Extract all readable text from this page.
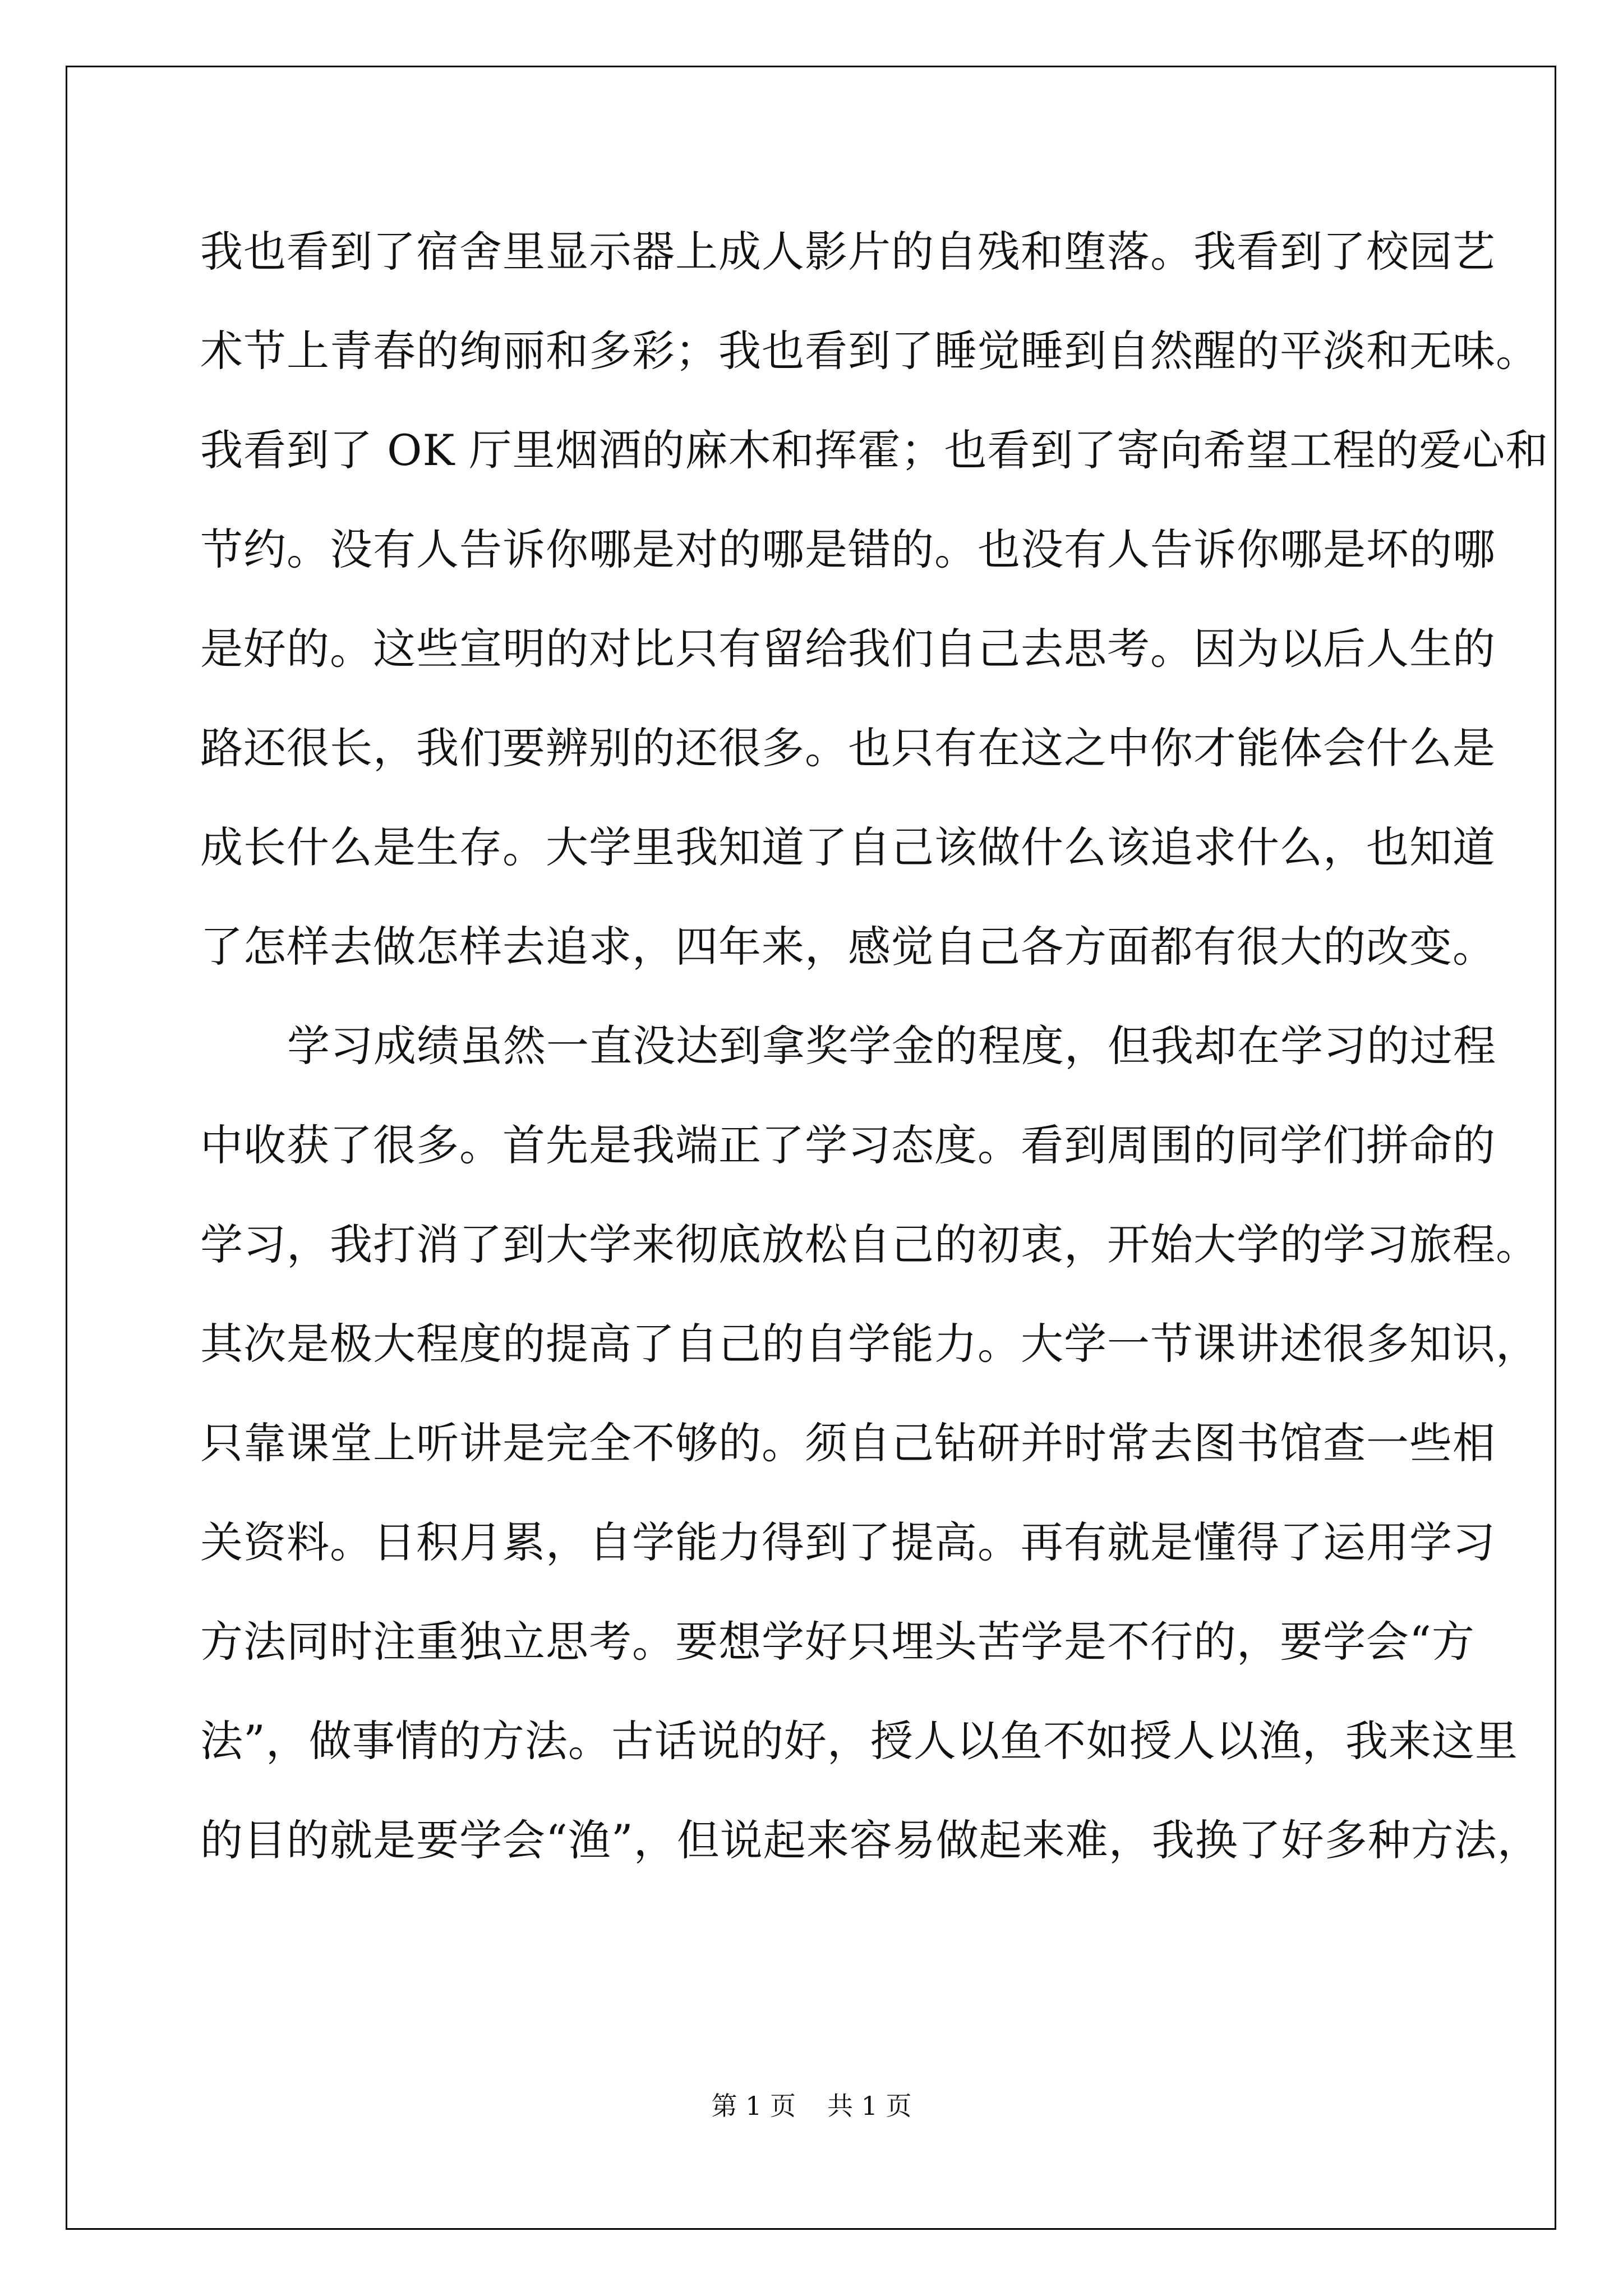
我也看到了宿舍里显示器上成人影片的自残和堕落。我看到了校园艺
术节上青春的绚丽和多彩；我也看到了睡觉睡到自然醒的平淡和无味。
我看到了 OK 厅里烟酒的麻木和挥霍；也看到了寄向希望工程的爱心和
节约。没有人告诉你哪是对的哪是错的。也没有人告诉你哪是坏的哪
是好的。这些宣明的对比只有留给我们自己去思考。因为以后人生的
路还很长，我们要辨别的还很多。也只有在这之中你才能体会什么是
成长什么是生存。大学里我知道了自己该做什么该追求什么，也知道
了怎样去做怎样去追求，四年来，感觉自己各方面都有很大的改变。
学习成绩虽然一直没达到拿奖学金的程度，但我却在学习的过程
中收获了很多。首先是我端正了学习态度。看到周围的同学们拼命的
学习，我打消了到大学来彻底放松自己的初衷，开始大学的学习旅程。
其次是极大程度的提高了自己的自学能力。大学一节课讲述很多知识，
只靠课堂上听讲是完全不够的。须自己钻研并时常去图书馆查一些相
关资料。日积月累，自学能力得到了提高。再有就是懂得了运用学习
方法同时注重独立思考。要想学好只埋头苦学是不行的，要学会“方
法”，做事情的方法。古话说的好，授人以鱼不如授人以渔，我来这里
的目的就是要学会“渔”，但说起来容易做起来难，我换了好多种方法，
第 1 页 共 1 页
